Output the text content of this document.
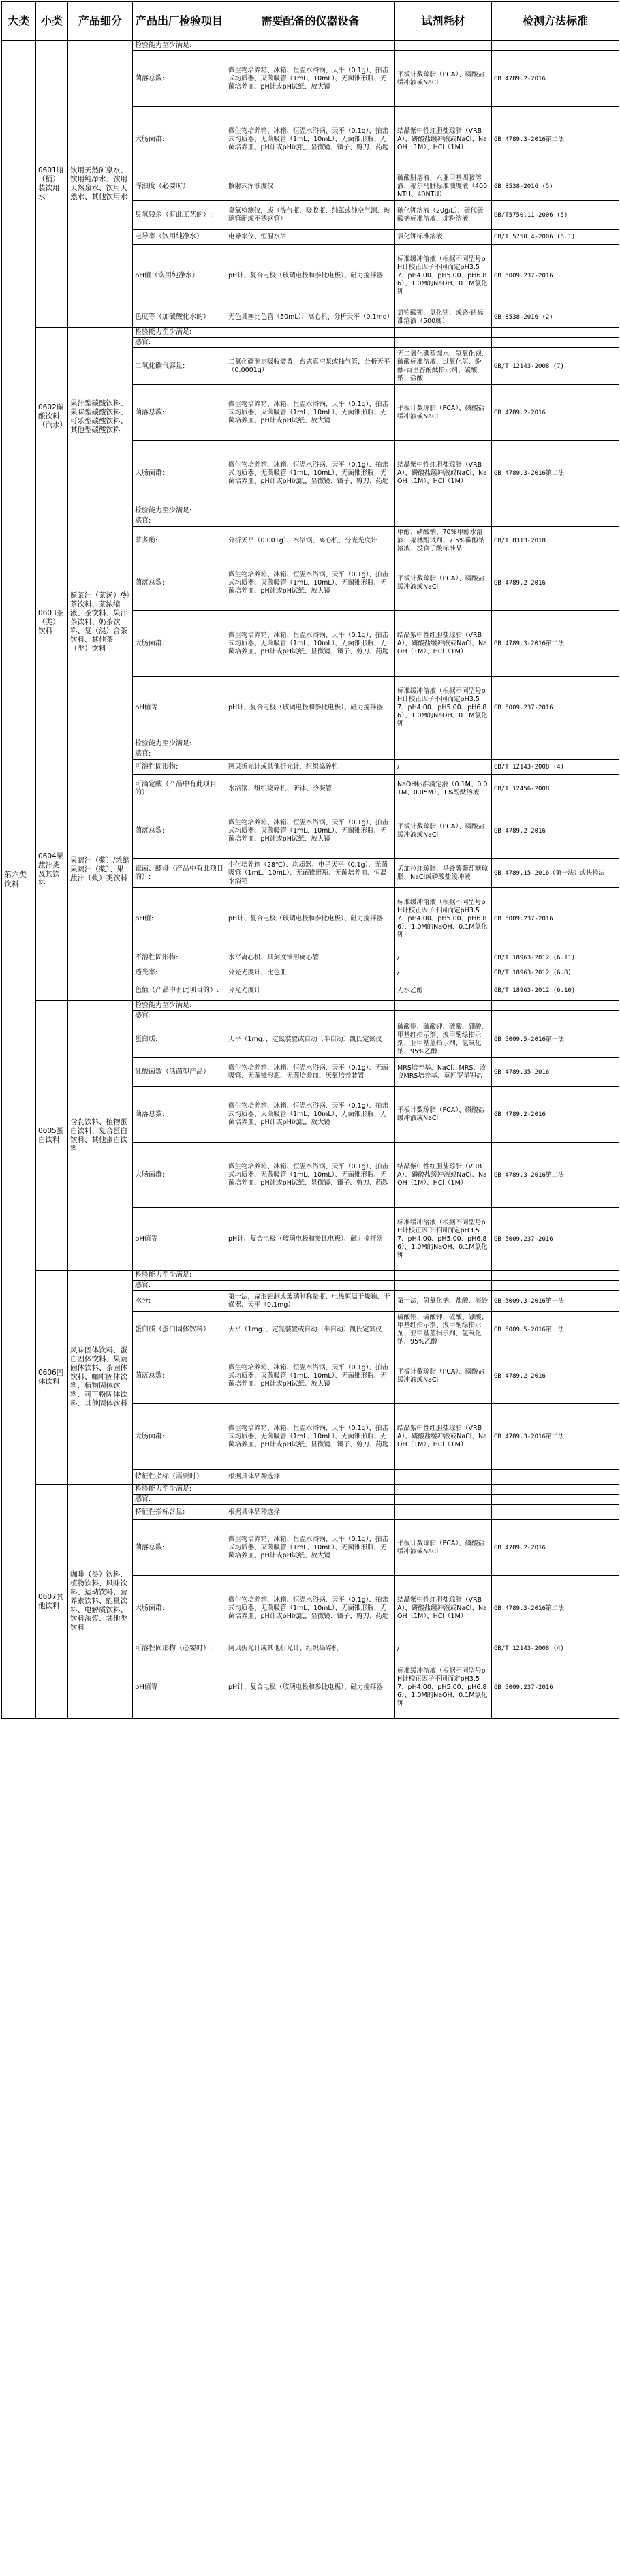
大类	小类	产品细分	产品出厂检验项目	需要配备的仪器设备	试剂耗材	检测方法标准
第六类 饮料	0601瓶（桶）装饮用水	饮用天然矿泉水、饮用纯净水、饮用天然泉水、饮用天然水、其他饮用水	检验能力至少满足:			
			菌落总数:	微生物培养箱、冰箱、恒温水浴锅、天平（0.1g）、拍击式均质器、灭菌吸管（1mL、10mL）、无菌锥形瓶、无菌培养皿、pH计或pH试纸、放大镜	平板计数琼脂（PCA）、磷酸盐缓冲液或NaCl	GB 4789.2-2016
			大肠菌群:	微生物培养箱、冰箱、恒温水浴锅、天平（0.1g）、拍击式均质器、无菌吸管（1mL、10mL）、无菌锥形瓶、无菌培养皿、pH计或pH试纸、显微镜、镊子、剪刀、药匙	结晶紫中性红胆盐琼脂（VRBA）、磷酸盐缓冲液或NaCl、NaOH（1M）、HCl（1M）	GB 4789.3-2016第二法
			浑浊度（必要时）	散射式浑浊度仪	硫酸肼溶液、六亚甲基四胺溶液、福尔马肼标准浊度液（400NTU、40NTU）	GB 8538-2016 (5)
			臭氧残余（有此工艺的）:	臭氧检测仪，或（洗气瓶、吸收瓶、纯氮或纯空气源、玻璃管配或不锈钢管）	碘化钾溶液（20g/L）、硫代硫酸钠标准溶液、淀粉溶液	GB/T5750.11-2006 (5)
			电导率（饮用纯净水）	电导率仪、恒温水浴	氯化钾标准溶液	GB/T 5750.4-2006 (6.1)
			pH值（饮用纯净水）	pH计、复合电极（玻璃电极和参比电极）、磁力搅拌器	标准缓冲溶液（根据不同型号pH计校正因子不同而定pH3.57、pH4.00、pH5.00、pH6.86）、1.0M的NaOH、0.1M氯化钾	GB 5009.237-2016
			色度等（加碳酸化水的）	无色具塞比色管（50mL）、高心机、分析天平（0.1mg）	氯铂酸钾、氯化钴、或铬·钴标准溶液（500度）	GB 8538-2016 (2)
	0602碳酸饮料（汽水）	果汁型碳酸饮料、果味型碳酸饮料、可乐型碳酸饮料、其他型碳酸饮料	检验能力至少满足:			
			感官:			
			二氧化碳气容量:	二氧化碳测定吸收装置，台式真空泵或抽气管，分析天平（0.0001g）	无二氧化碳蒸馏水、氢氧化钡、硫酸标准溶液、过氧化氢、酚酞-百里香酚酞指示剂、碳酸钠、盐酸	GB/T 12143-2008 (7)
			菌落总数:	微生物培养箱、冰箱、恒温水浴锅、天平（0.1g）、拍击式均质器、灭菌吸管（1mL、10mL）、无菌锥形瓶、无菌培养皿、pH计或pH试纸、放大镜	平板计数琼脂（PCA）、磷酸盐缓冲液或NaCl	GB 4789.2-2016
			大肠菌群:	微生物培养箱、冰箱、恒温水浴锅、天平（0.1g）、拍击式均质器、无菌吸管（1mL、10mL）、无菌锥形瓶、无菌培养皿、pH计或pH试纸、显微镜、镊子、剪刀、药匙	结晶紫中性红胆盐琼脂（VRBA）、磷酸盐缓冲液或NaCl、NaOH（1M）、HCl（1M）	GB 4789.3-2016第二法
	0603茶（类）饮料	原茶汁（茶汤）/纯茶饮料、茶浓缩液、茶饮料、果汁茶饮料、奶茶饮料、复（混）合茶饮料、其他茶（类）饮料	检验能力至少满足:			
			感官:			
			茶多酚:	分析天平（0.001g）、水浴锅、离心机、分光光度计	甲醇、磷酸钠、70%甲醇水溶液、福林酚试剂、7.5%碳酸钠溶液、没食子酸标准品	GB/T 8313-2018
			菌落总数:	微生物培养箱、冰箱、恒温水浴锅、天平（0.1g）、拍击式均质器、灭菌吸管（1mL、10mL）、无菌锥形瓶、无菌培养皿、pH计或pH试纸、放大镜	平板计数琼脂（PCA）、磷酸盐缓冲液或NaCl	GB 4789.2-2016
			大肠菌群:	微生物培养箱、冰箱、恒温水浴锅、天平（0.1g）、拍击式均质器、无菌吸管（1mL、10mL）、无菌锥形瓶、无菌培养皿、pH计或pH试纸、显微镜、镊子、剪刀、药匙	结晶紫中性红胆盐琼脂（VRBA）、磷酸盐缓冲液或NaCl、NaOH（1M）、HCl（1M）	GB 4789.3-2016第二法
			pH值等	pH计、复合电极（玻璃电极和参比电极）、磁力搅拌器	标准缓冲溶液（根据不同型号pH计校正因子不同而定pH3.57、pH4.00、pH5.00、pH6.86）、1.0M的NaOH、0.1M氯化钾	GB 5009.237-2016
	0604果蔬汁类及其饮料	果蔬汁（浆）/浓缩果蔬汁（浆）、果蔬汁（浆）类饮料	检验能力至少满足:			
			感官:			
			可溶性固形物:	阿贝折光计或其他折光计、组织捣碎机	/	GB/T 12143-2008 (4)
			可滴定酸（产品中有此项目的）	水浴锅、组织捣碎机、研钵、冷凝管	NaOH标准滴定液（0.1M、0.01M、0.05M）、1%酚酞溶液	GB/T 12456-2008
			菌落总数:	微生物培养箱、冰箱、恒温水浴锅、天平（0.1g）、拍击式均质器、灭菌吸管（1mL、10mL）、无菌锥形瓶、无菌培养皿、pH计或pH试纸、放大镜	平板计数琼脂（PCA）、磷酸盐缓冲液或NaCl	GB 4789.2-2016
			霉菌、酵母（产品中有此项目的）:	生化培养箱（28℃）、均质器、电子天平（0.1g）、无菌吸管（1mL、10mL）、无菌锥形瓶、无菌培养皿、恒温水浴箱	孟加拉红琼脂、马铃薯葡萄糖琼脂、NaCl或磷酸盐缓冲液	GB 4789.15-2016（第一法）或快检法
			pH值:	pH计、复合电极（玻璃电极和参比电极）、磁力搅拌器	标准缓冲溶液（根据不同型号pH计校正因子不同而定pH3.57、pH4.00、pH5.00、pH6.86）、1.0M的NaOH、0.1M氯化钾	GB 5009.237-2016
			不溶性固形物:	水平离心机、具刻度锥形离心管	/	GB/T 18963-2012 (6.11)
			透光率:	分光光度计、比色皿	/	GB/T 18963-2012 (6.8)
			色值（产品中有此项目的）:	分光光度计	无水乙醇	GB/T 18963-2012 (6.10)
	0605蛋白饮料	含乳饮料、植物蛋白饮料、复合蛋白饮料、其他蛋白饮料	检验能力至少满足:			
			感官:			
			蛋白质:	天平（1mg）、定氮装置或自动（半自动）凯氏定氮仪	硫酸铜、硫酸钾、硫酸、硼酸、甲基红指示剂、溴甲酚绿指示剂、亚甲基蓝指示剂、氢氧化钠、95%乙醇	GB 5009.5-2016第一法
			乳酸菌数（活菌型产品）	微生物培养箱、冰箱、恒温水浴锅、天平（0.1g）、无菌吸管、无菌锥形瓶、无菌培养皿、厌氧培养装置	MRS培养基、NaCl、MRS、改良MRS培养基、莫匹罗星锂盐	GB 4789.35-2016
			菌落总数:	微生物培养箱、冰箱、恒温水浴锅、天平（0.1g）、拍击式均质器、灭菌吸管（1mL、10mL）、无菌锥形瓶、无菌培养皿、pH计或pH试纸、放大镜	平板计数琼脂（PCA）、磷酸盐缓冲液或NaCl	GB 4789.2-2016
			大肠菌群:	微生物培养箱、冰箱、恒温水浴锅、天平（0.1g）、拍击式均质器、无菌吸管（1mL、10mL）、无菌锥形瓶、无菌培养皿、pH计或pH试纸、显微镜、镊子、剪刀、药匙	结晶紫中性红胆盐琼脂（VRBA）、磷酸盐缓冲液或NaCl、NaOH（1M）、HCl（1M）	GB 4789.3-2016第二法
			pH值等	pH计、复合电极（玻璃电极和参比电极）、磁力搅拌器	标准缓冲溶液（根据不同型号pH计校正因子不同而定pH3.57、pH4.00、pH5.00、pH6.86）、1.0M的NaOH、0.1M氯化钾	GB 5009.237-2016
	0606固体饮料	风味固体饮料、蛋白固体饮料、果蔬固体饮料、茶固体饮料、咖啡固体饮料、植物固体饮料、可可粉固体饮料、其他固体饮料	检验能力至少满足:			
			感官:			
			水分:	第一法，扁形铝制或玻璃制称量瓶、电热恒温干燥箱、干燥器、天平（0.1mg）	第一法，氢氧化钠、盐酸、海砂	GB 5009.3-2016第一法
			蛋白质（蛋白固体饮料）	天平（1mg）、定氮装置或自动（半自动）凯氏定氮仪	硫酸铜、硫酸钾、硫酸、硼酸、甲基红指示剂、溴甲酚绿指示剂、亚甲基蓝指示剂、氢氧化钠、95%乙醇	GB 5009.5-2016第一法
			菌落总数:	微生物培养箱、冰箱、恒温水浴锅、天平（0.1g）、拍击式均质器、灭菌吸管（1mL、10mL）、无菌锥形瓶、无菌培养皿、pH计或pH试纸、放大镜	平板计数琼脂（PCA）、磷酸盐缓冲液或NaCl	GB 4789.2-2016
			大肠菌群:	微生物培养箱、冰箱、恒温水浴锅、天平（0.1g）、拍击式均质器、无菌吸管（1mL、10mL）、无菌锥形瓶、无菌培养皿、pH计或pH试纸、显微镜、镊子、剪刀、药匙	结晶紫中性红胆盐琼脂（VRBA）、磷酸盐缓冲液或NaCl、NaOH（1M）、HCl（1M）	GB 4789.3-2016第二法
			特征性指标（需要时）	根据具体品种选择		
	0607其他饮料	咖啡（类）饮料、植物饮料、风味饮料、运动饮料、营养素饮料、能量饮料、电解质饮料、饮料浓浆、其他类饮料	检验能力至少满足:			
			感官:			
			特征性指标含量:	根据具体品种选择		
			菌落总数:	微生物培养箱、冰箱、恒温水浴锅、天平（0.1g）、拍击式均质器、灭菌吸管（1mL、10mL）、无菌锥形瓶、无菌培养皿、pH计或pH试纸、放大镜	平板计数琼脂（PCA）、磷酸盐缓冲液或NaCl	GB 4789.2-2016
			大肠菌群:	微生物培养箱、冰箱、恒温水浴锅、天平（0.1g）、拍击式均质器、无菌吸管（1mL、10mL）、无菌锥形瓶、无菌培养皿、pH计或pH试纸、显微镜、镊子、剪刀、药匙	结晶紫中性红胆盐琼脂（VRBA）、磷酸盐缓冲液或NaCl、NaOH（1M）、HCl（1M）	GB 4789.3-2016第二法
			可溶性固形物（必要时）:	阿贝折光计或其他折光计、组织捣碎机	/	GB/T 12143-2008 (4)
			pH值等	pH计、复合电极（玻璃电极和参比电极）、磁力搅拌器	标准缓冲溶液（根据不同型号pH计校正因子不同而定pH3.57、pH4.00、pH5.00、pH6.86）、1.0M的NaOH、0.1M氯化钾	GB 5009.237-2016
